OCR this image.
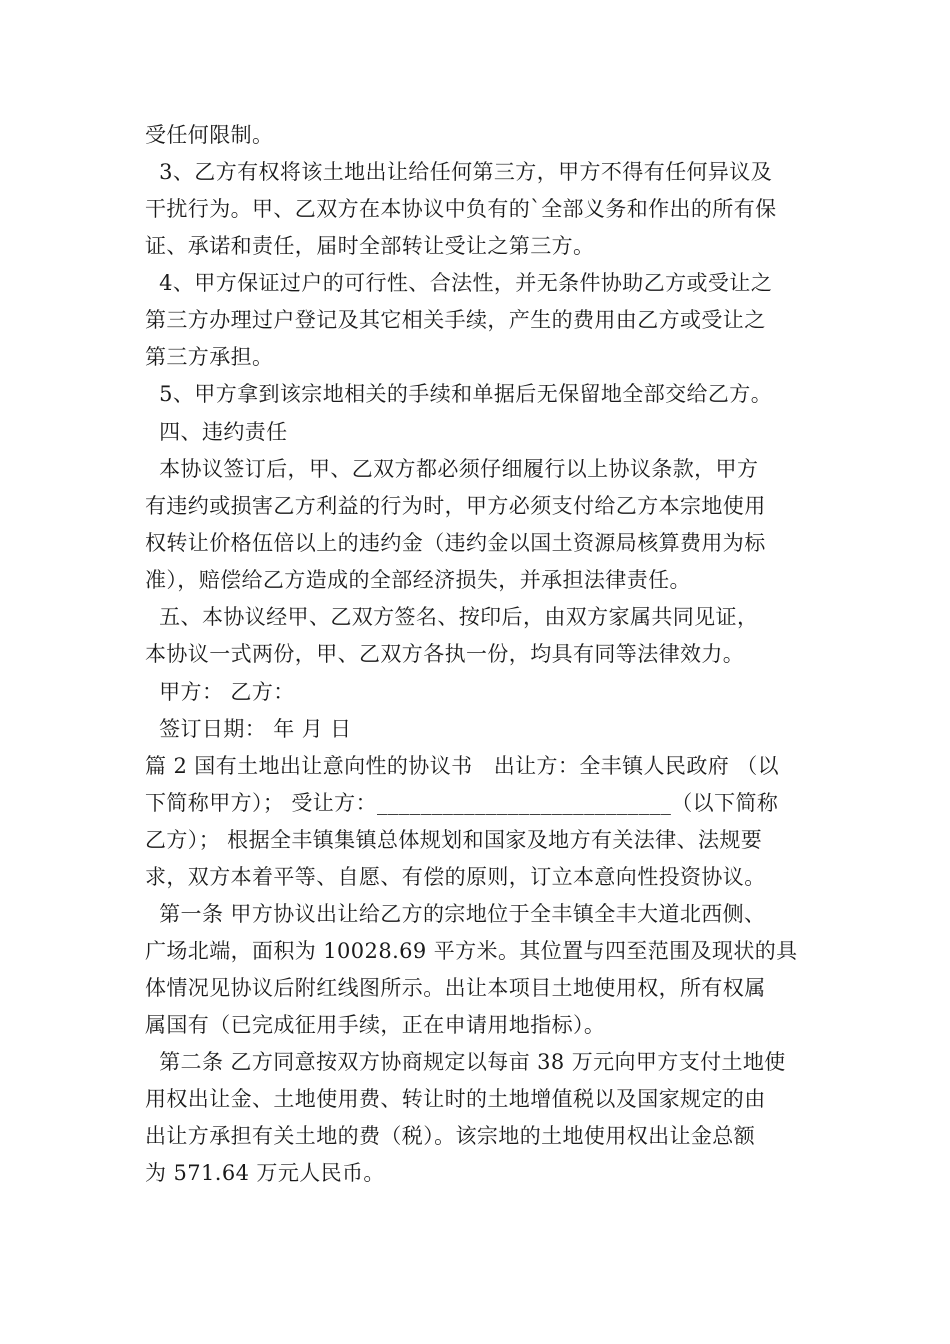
受任何限制。
3、乙方有权将该土地出让给任何第三方，甲方不得有任何异议及
干扰行为。甲、乙双方在本协议中负有的`全部义务和作出的所有保
证、承诺和责任，届时全部转让受让之第三方。
4、甲方保证过户的可行性、合法性，并无条件协助乙方或受让之
第三方办理过户登记及其它相关手续，产生的费用由乙方或受让之
第三方承担。
5、甲方拿到该宗地相关的手续和单据后无保留地全部交给乙方。
四、违约责任
本协议签订后，甲、乙双方都必须仔细履行以上协议条款，甲方
有违约或损害乙方利益的行为时，甲方必须支付给乙方本宗地使用
权转让价格伍倍以上的违约金（违约金以国土资源局核算费用为标
准），赔偿给乙方造成的全部经济损失，并承担法律责任。
五、本协议经甲、乙双方签名、按印后，由双方家属共同见证，
本协议一式两份，甲、乙双方各执一份，均具有同等法律效力。
甲方： 乙方：
签订日期： 年 月 日
篇 2 国有土地出让意向性的协议书   出让方：全丰镇人民政府 （以
下简称甲方）； 受让方：___________________________（以下简称
乙方）； 根据全丰镇集镇总体规划和国家及地方有关法律、法规要
求，双方本着平等、自愿、有偿的原则，订立本意向性投资协议。
第一条 甲方协议出让给乙方的宗地位于全丰镇全丰大道北西侧、
广场北端，面积为 10028.69 平方米。其位置与四至范围及现状的具
体情况见协议后附红线图所示。出让本项目土地使用权，所有权属
属国有（已完成征用手续，正在申请用地指标）。
第二条 乙方同意按双方协商规定以每亩 38 万元向甲方支付土地使
用权出让金、土地使用费、转让时的土地增值税以及国家规定的由
出让方承担有关土地的费（税）。该宗地的土地使用权出让金总额
为 571.64 万元人民币。
